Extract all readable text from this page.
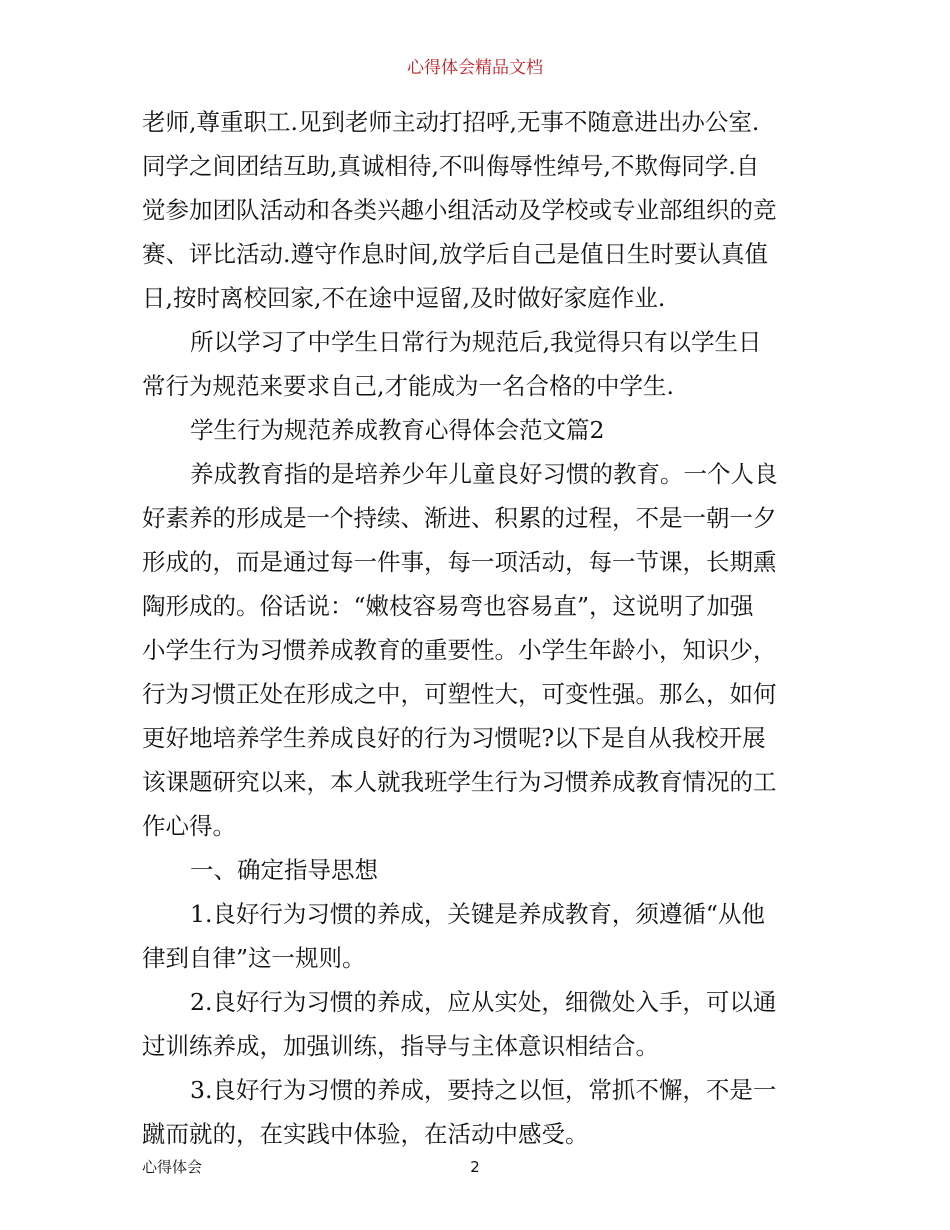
心得体会精品文档
老师,尊重职工.见到老师主动打招呼,无事不随意进出办公室.
同学之间团结互助,真诚相待,不叫侮辱性绰号,不欺侮同学.自
觉参加团队活动和各类兴趣小组活动及学校或专业部组织的竞
赛、评比活动.遵守作息时间,放学后自己是值日生时要认真值
日,按时离校回家,不在途中逗留,及时做好家庭作业.
所以学习了中学生日常行为规范后,我觉得只有以学生日
常行为规范来要求自己,才能成为一名合格的中学生.
学生行为规范养成教育心得体会范文篇2
养成教育指的是培养少年儿童良好习惯的教育。一个人良
好素养的形成是一个持续、渐进、积累的过程，不是一朝一夕
形成的，而是通过每一件事，每一项活动，每一节课，长期熏
陶形成的。俗话说：“嫩枝容易弯也容易直”，这说明了加强
小学生行为习惯养成教育的重要性。小学生年龄小，知识少，
行为习惯正处在形成之中，可塑性大，可变性强。那么，如何
更好地培养学生养成良好的行为习惯呢?以下是自从我校开展
该课题研究以来，本人就我班学生行为习惯养成教育情况的工
作心得。
一、确定指导思想
1.良好行为习惯的养成，关键是养成教育，须遵循“从他
律到自律”这一规则。
2.良好行为习惯的养成，应从实处，细微处入手，可以通
过训练养成，加强训练，指导与主体意识相结合。
3.良好行为习惯的养成，要持之以恒，常抓不懈，不是一
蹴而就的，在实践中体验，在活动中感受。
心得体会	2
